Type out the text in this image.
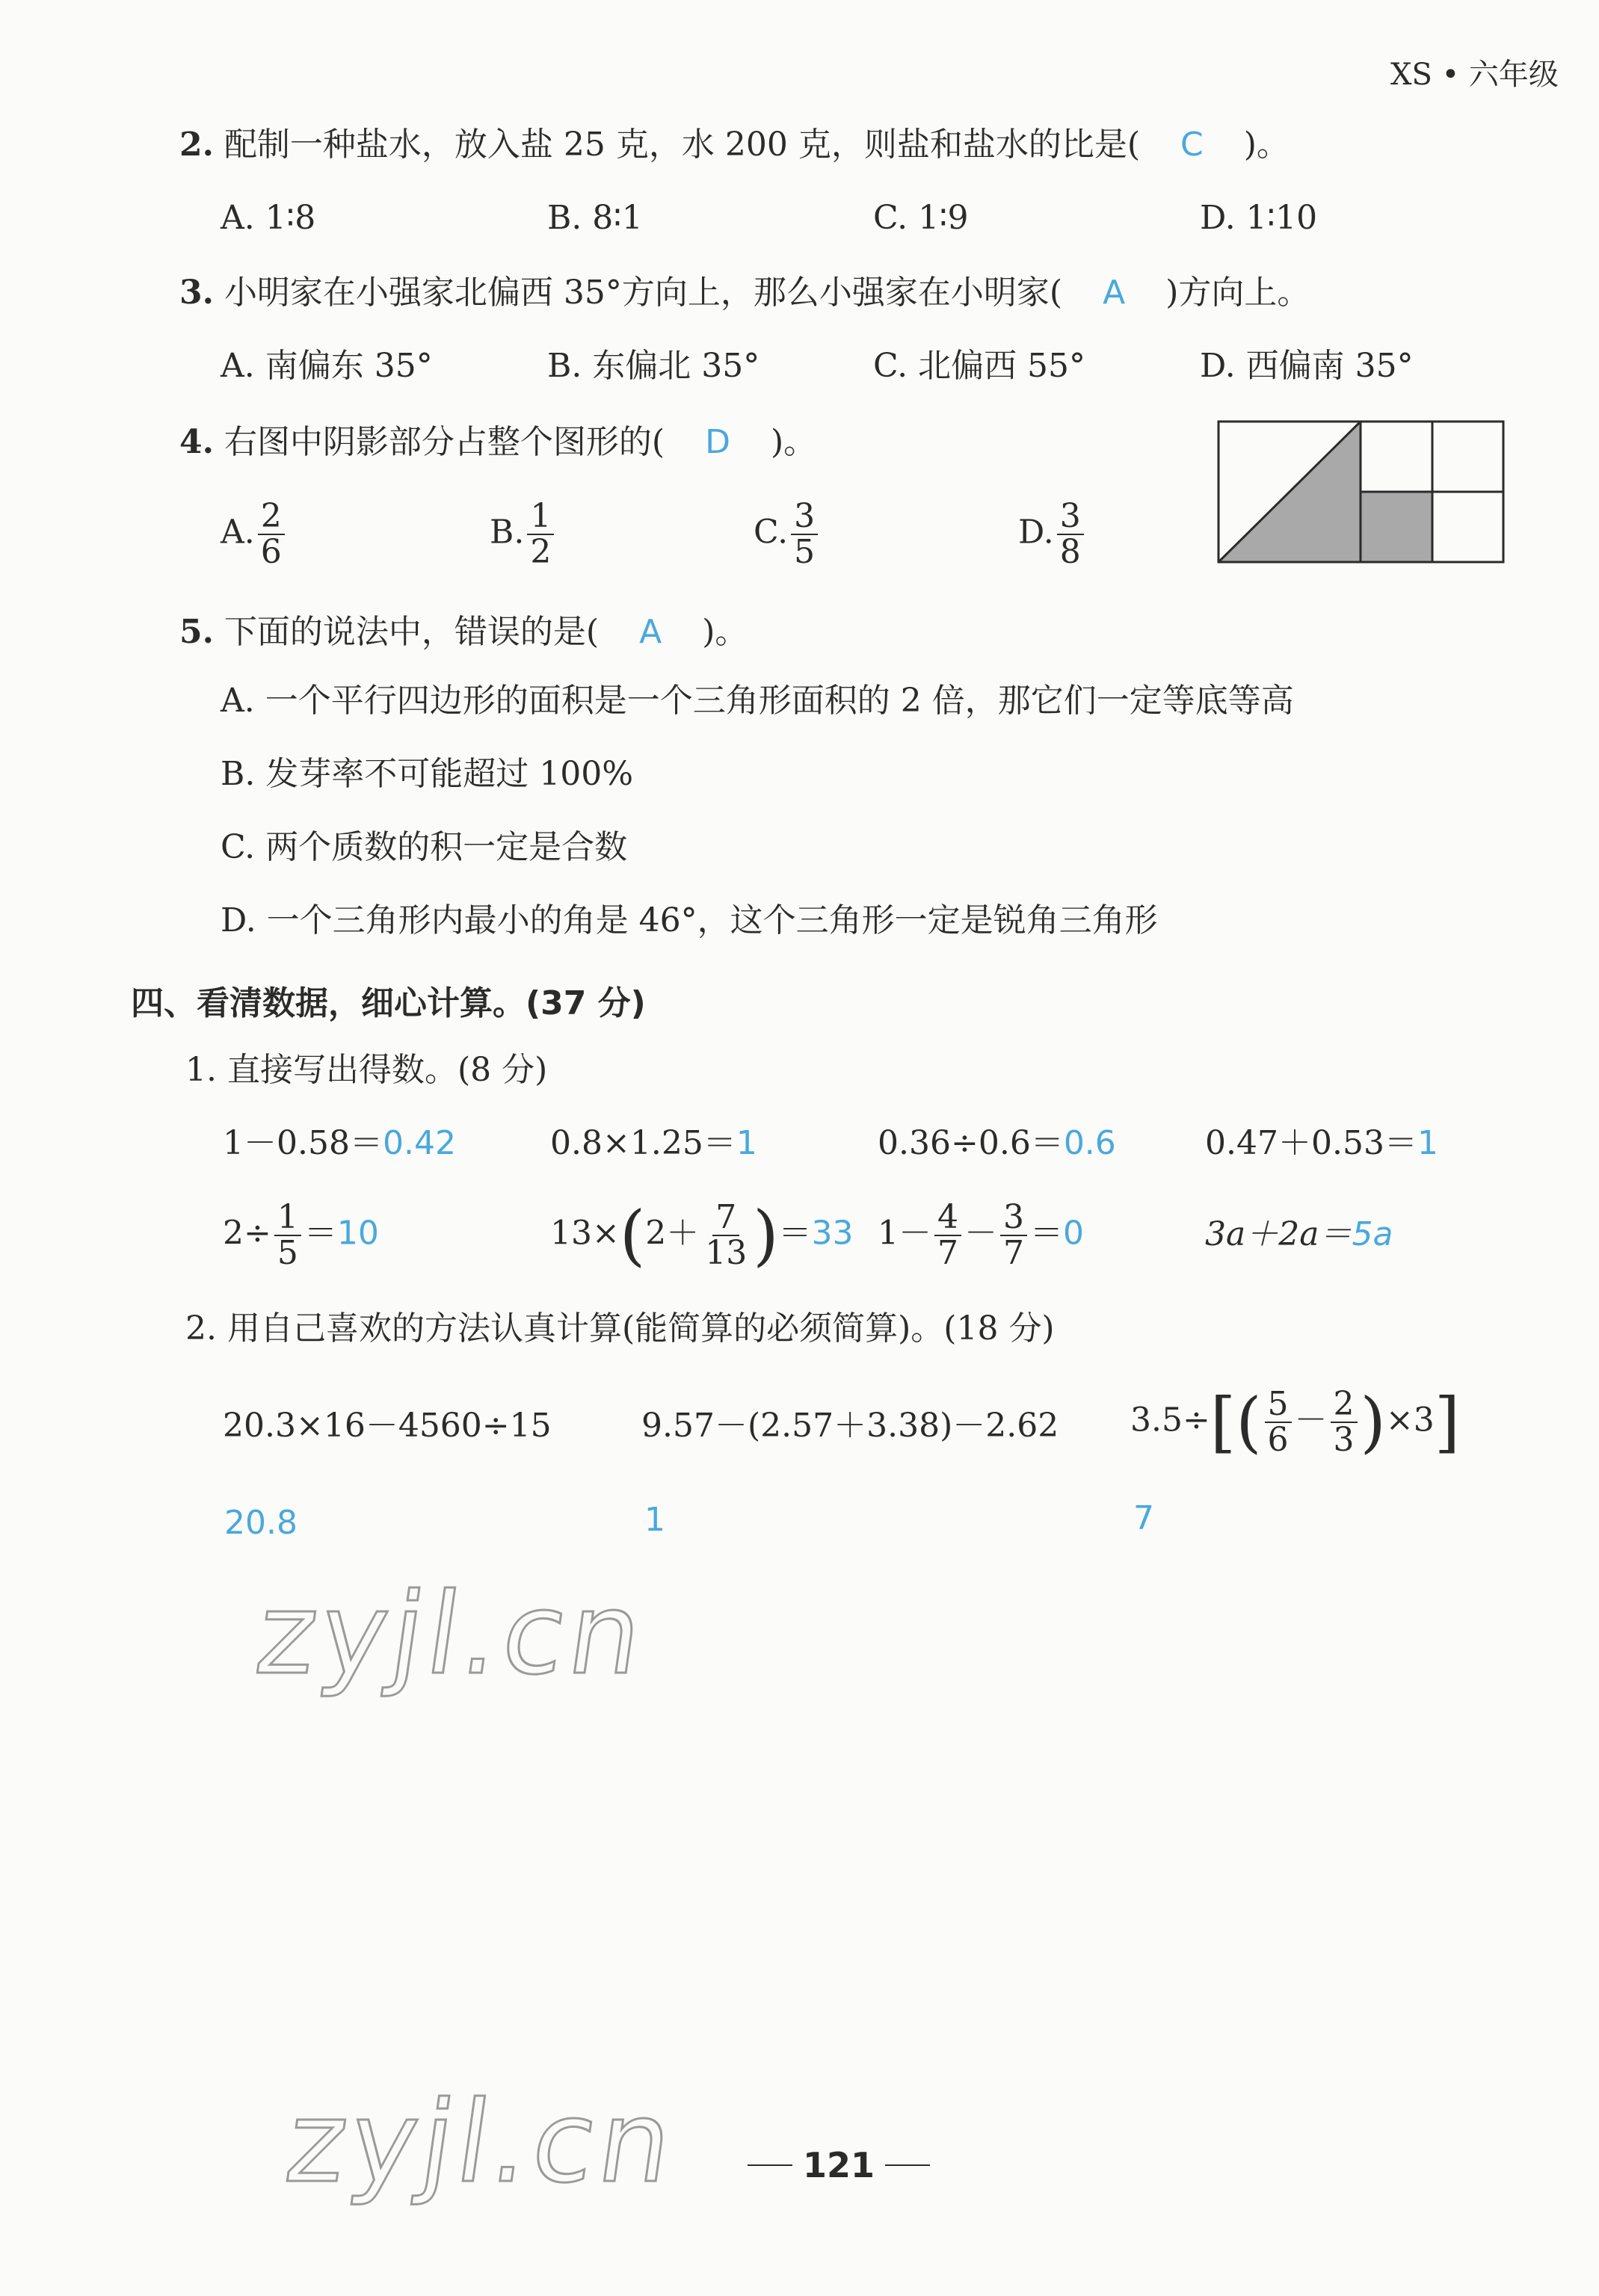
XS • 六年级
2. 配制一种盐水，放入盐 25 克，水 200 克，则盐和盐水的比是( C )。
A. 1∶8	B. 8∶1	C. 1∶9	D. 1∶10
3. 小明家在小强家北偏西 35°方向上，那么小强家在小明家( A )方向上。
A. 南偏东 35°	B. 东偏北 35°	C. 北偏西 55°	D. 西偏南 35°
4. 右图中阴影部分占整个图形的( D )。
A. $\frac{2}{6}$	B. $\frac{1}{2}$	C. $\frac{3}{5}$	D. $\frac{3}{8}$
5. 下面的说法中，错误的是( A )。
A. 一个平行四边形的面积是一个三角形面积的 2 倍，那它们一定等底等高
B. 发芽率不可能超过 100%
C. 两个质数的积一定是合数
D. 一个三角形内最小的角是 46°，这个三角形一定是锐角三角形
四、看清数据，细心计算。(37 分)
1. 直接写出得数。(8 分)
1－0.58＝0.42	0.8×1.25＝1	0.36÷0.6＝0.6	0.47＋0.53＝1
$2\div \frac{1}{5} =10$	$13\times(2+ \frac{7}{13} )=33$ $1- \frac{4}{7} - \frac{3}{7} =0$	3a＋2a＝5a
2. 用自己喜欢的方法认真计算(能简算的必须简算)。(18 分)
20.3×16－4560÷15	9.57－(2.57＋3.38)－2.62 $3.5\div[( \frac{5}{6} - \frac{2}{3} )\times 3]$
20.8	1	7
zyjl.cn
zyjl.cn	121
